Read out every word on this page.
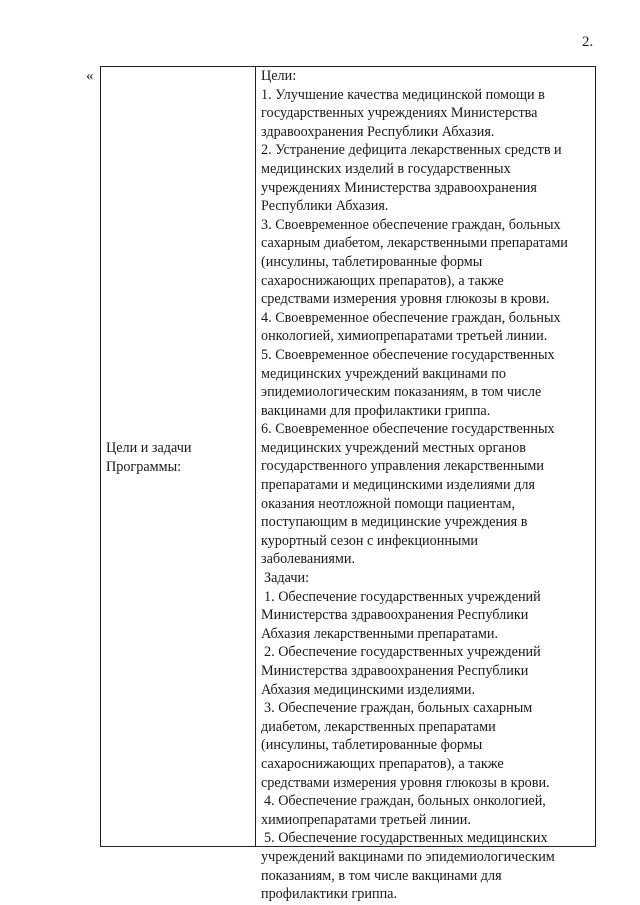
2.
«
Цели и задачи
Программы:
Цели:
1. Улучшение качества медицинской помощи в
государственных учреждениях Министерства
здравоохранения Республики Абхазия.
2. Устранение дефицита лекарственных средств и
медицинских изделий в государственных
учреждениях Министерства здравоохранения
Республики Абхазия.
3. Своевременное обеспечение граждан, больных
сахарным диабетом, лекарственными препаратами
(инсулины, таблетированные формы
сахароснижающих препаратов), а также
средствами измерения уровня глюкозы в крови.
4. Своевременное обеспечение граждан, больных
онкологией, химиопрепаратами третьей линии.
5. Своевременное обеспечение государственных
медицинских учреждений вакцинами по
эпидемиологическим показаниям, в том числе
вакцинами для профилактики гриппа.
6. Своевременное обеспечение государственных
медицинских учреждений местных органов
государственного управления лекарственными
препаратами и медицинскими изделиями для
оказания неотложной помощи пациентам,
поступающим в медицинские учреждения в
курортный сезон с инфекционными
заболеваниями.
Задачи:
1. Обеспечение государственных учреждений
Министерства здравоохранения Республики
Абхазия лекарственными препаратами.
2. Обеспечение государственных учреждений
Министерства здравоохранения Республики
Абхазия медицинскими изделиями.
3. Обеспечение граждан, больных сахарным
диабетом, лекарственных препаратами
(инсулины, таблетированные формы
сахароснижающих препаратов), а также
средствами измерения уровня глюкозы в крови.
4. Обеспечение граждан, больных онкологией,
химиопрепаратами третьей линии.
5. Обеспечение государственных медицинских
учреждений вакцинами по эпидемиологическим
показаниям, в том числе вакцинами для
профилактики гриппа.
